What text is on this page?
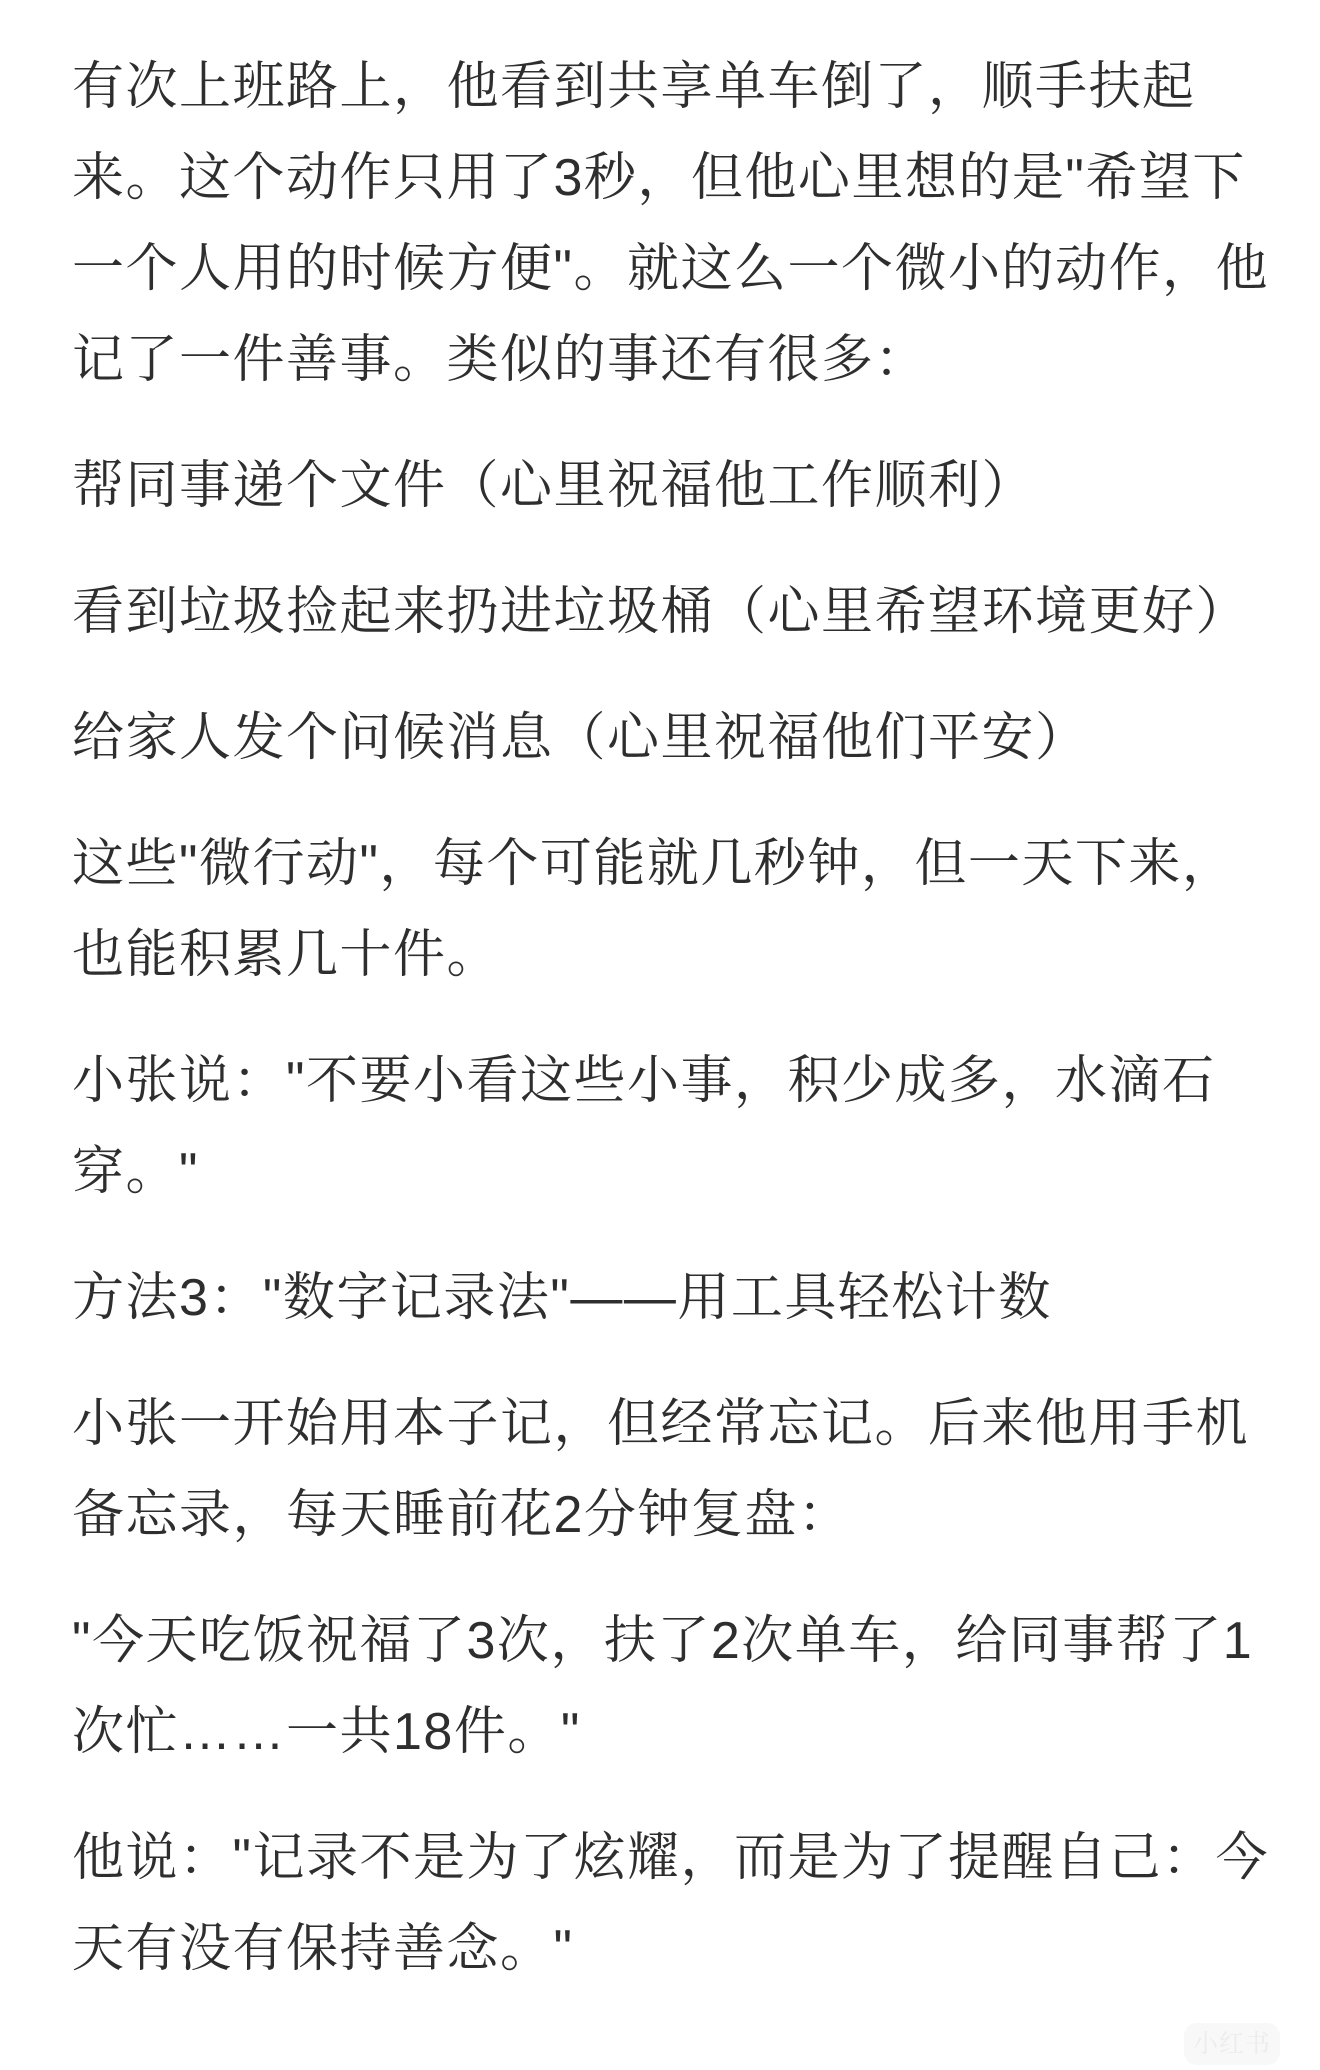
有次上班路上，他看到共享单车倒了，顺手扶起
来。这个动作只用了3秒，但他心里想的是"希望下
一个人用的时候方便"。就这么一个微小的动作，他
记了一件善事。类似的事还有很多：
帮同事递个文件（心里祝福他工作顺利）
看到垃圾捡起来扔进垃圾桶（心里希望环境更好）
给家人发个问候消息（心里祝福他们平安）
这些"微行动"，每个可能就几秒钟，但一天下来，
也能积累几十件。
小张说："不要小看这些小事，积少成多，水滴石
穿。"
方法3："数字记录法"——用工具轻松计数
小张一开始用本子记，但经常忘记。后来他用手机
备忘录，每天睡前花2分钟复盘：
"今天吃饭祝福了3次，扶了2次单车，给同事帮了1
次忙……一共18件。"
他说："记录不是为了炫耀，而是为了提醒自己：今
天有没有保持善念。"
小红书
